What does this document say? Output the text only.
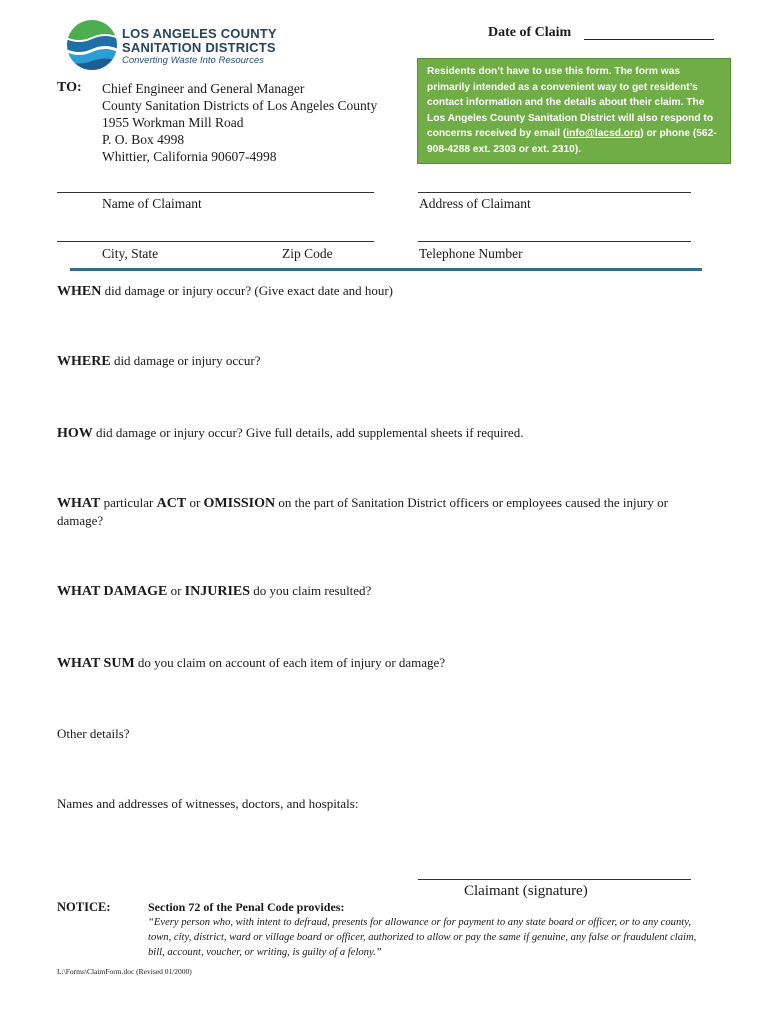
LOS ANGELES COUNTY
SANITATION DISTRICTS
Converting Waste Into Resources
Date of Claim
Residents don’t have to use this form. The form was primarily intended as a convenient way to get resident’s contact information and the details about their claim. The Los Angeles County Sanitation District will also respond to concerns received by email (info@lacsd.org) or phone (562-908-4288 ext. 2303 or ext. 2310).
TO: Chief Engineer and General Manager
County Sanitation Districts of Los Angeles County
1955 Workman Mill Road
P. O. Box 4998
Whittier, California 90607-4998
Name of Claimant	Address of Claimant
City, State	Zip Code	Telephone Number
WHEN did damage or injury occur? (Give exact date and hour)
WHERE did damage or injury occur?
HOW did damage or injury occur? Give full details, add supplemental sheets if required.
WHAT particular ACT or OMISSION on the part of Sanitation District officers or employees caused the injury or damage?
WHAT DAMAGE or INJURIES do you claim resulted?
WHAT SUM do you claim on account of each item of injury or damage?
Other details?
Names and addresses of witnesses, doctors, and hospitals:
Claimant (signature)
NOTICE:	Section 72 of the Penal Code provides:
“Every person who, with intent to defraud, presents for allowance or for payment to any state board or officer, or to any county, town, city, district, ward or village board or officer, authorized to allow or pay the same if genuine, any false or fraudulent claim, bill, account, voucher, or writing, is guilty of a felony.”
L:\Forms\ClaimForm.doc (Revised 01/2000)
